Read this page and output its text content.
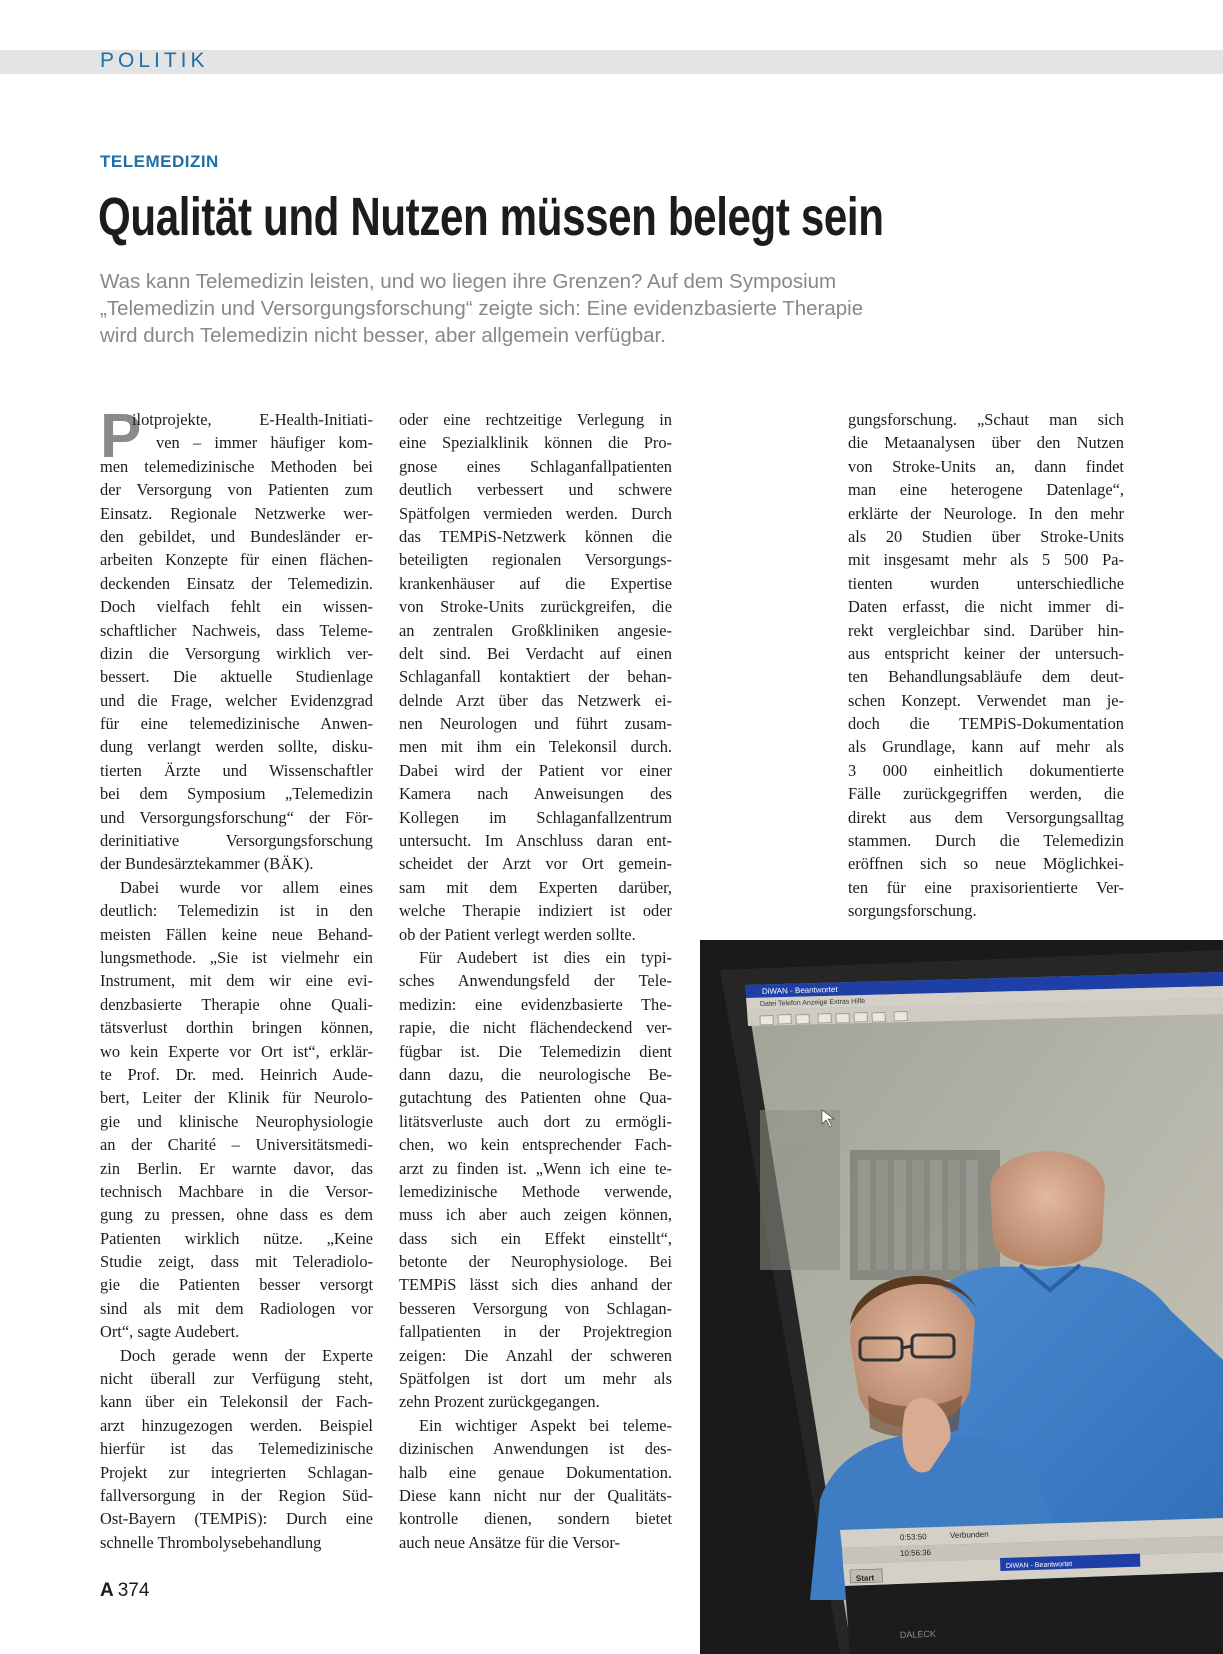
POLITIK
TELEMEDIZIN
Qualität und Nutzen müssen belegt sein
Was kann Telemedizin leisten, und wo liegen ihre Grenzen? Auf dem Symposium
„Telemedizin und Versorgungsforschung“ zeigte sich: Eine evidenzbasierte Therapie
wird durch Telemedizin nicht besser, aber allgemein verfügbar.
P
ilotprojekte, E-Health-Initiati-
ven – immer häufiger kom-
men telemedizinische Methoden bei
der Versorgung von Patienten zum
Einsatz. Regionale Netzwerke wer-
den gebildet, und Bundesländer er-
arbeiten Konzepte für einen flächen-
deckenden Einsatz der Telemedizin.
Doch vielfach fehlt ein wissen-
schaftlicher Nachweis, dass Teleme-
dizin die Versorgung wirklich ver-
bessert. Die aktuelle Studienlage
und die Frage, welcher Evidenzgrad
für eine telemedizinische Anwen-
dung verlangt werden sollte, disku-
tierten Ärzte und Wissenschaftler
bei dem Symposium „Telemedizin
und Versorgungsforschung“ der För-
derinitiative Versorgungsforschung
der Bundesärztekammer (BÄK).
Dabei wurde vor allem eines
deutlich: Telemedizin ist in den
meisten Fällen keine neue Behand-
lungsmethode. „Sie ist vielmehr ein
Instrument, mit dem wir eine evi-
denzbasierte Therapie ohne Quali-
tätsverlust dorthin bringen können,
wo kein Experte vor Ort ist“, erklär-
te Prof. Dr. med. Heinrich Aude-
bert, Leiter der Klinik für Neurolo-
gie und klinische Neurophysiologie
an der Charité – Universitätsmedi-
zin Berlin. Er warnte davor, das
technisch Machbare in die Versor-
gung zu pressen, ohne dass es dem
Patienten wirklich nütze. „Keine
Studie zeigt, dass mit Teleradiolo-
gie die Patienten besser versorgt
sind als mit dem Radiologen vor
Ort“, sagte Audebert.
Doch gerade wenn der Experte
nicht überall zur Verfügung steht,
kann über ein Telekonsil der Fach-
arzt hinzugezogen werden. Beispiel
hierfür ist das Telemedizinische
Projekt zur integrierten Schlagan-
fallversorgung in der Region Süd-
Ost-Bayern (TEMPiS): Durch eine
schnelle Thrombolysebehandlung
oder eine rechtzeitige Verlegung in
eine Spezialklinik können die Pro-
gnose eines Schlaganfallpatienten
deutlich verbessert und schwere
Spätfolgen vermieden werden. Durch
das TEMPiS-Netzwerk können die
beteiligten regionalen Versorgungs-
krankenhäuser auf die Expertise
von Stroke-Units zurückgreifen, die
an zentralen Großkliniken angesie-
delt sind. Bei Verdacht auf einen
Schlaganfall kontaktiert der behan-
delnde Arzt über das Netzwerk ei-
nen Neurologen und führt zusam-
men mit ihm ein Telekonsil durch.
Dabei wird der Patient vor einer
Kamera nach Anweisungen des
Kollegen im Schlaganfallzentrum
untersucht. Im Anschluss daran ent-
scheidet der Arzt vor Ort gemein-
sam mit dem Experten darüber,
welche Therapie indiziert ist oder
ob der Patient verlegt werden sollte.
Für Audebert ist dies ein typi-
sches Anwendungsfeld der Tele-
medizin: eine evidenzbasierte The-
rapie, die nicht flächendeckend ver-
fügbar ist. Die Telemedizin dient
dann dazu, die neurologische Be-
gutachtung des Patienten ohne Qua-
litätsverluste auch dort zu ermögli-
chen, wo kein entsprechender Fach-
arzt zu finden ist. „Wenn ich eine te-
lemedizinische Methode verwende,
muss ich aber auch zeigen können,
dass sich ein Effekt einstellt“,
betonte der Neurophysiologe. Bei
TEMPiS lässt sich dies anhand der
besseren Versorgung von Schlagan-
fallpatienten in der Projektregion
zeigen: Die Anzahl der schweren
Spätfolgen ist dort um mehr als
zehn Prozent zurückgegangen.
Ein wichtiger Aspekt bei teleme-
dizinischen Anwendungen ist des-
halb eine genaue Dokumentation.
Diese kann nicht nur der Qualitäts-
kontrolle dienen, sondern bietet
auch neue Ansätze für die Versor-
gungsforschung. „Schaut man sich
die Metaanalysen über den Nutzen
von Stroke-Units an, dann findet
man eine heterogene Datenlage“,
erklärte der Neurologe. In den mehr
als 20 Studien über Stroke-Units
mit insgesamt mehr als 5 500 Pa-
tienten wurden unterschiedliche
Daten erfasst, die nicht immer di-
rekt vergleichbar sind. Darüber hin-
aus entspricht keiner der untersuch-
ten Behandlungsabläufe dem deut-
schen Konzept. Verwendet man je-
doch die TEMPiS-Dokumentation
als Grundlage, kann auf mehr als
3 000 einheitlich dokumentierte
Fälle zurückgegriffen werden, die
direkt aus dem Versorgungsalltag
stammen. Durch die Telemedizin
eröffnen sich so neue Möglichkei-
ten für eine praxisorientierte Ver-
sorgungsforschung.
DiWAN - Beantwortet
Datei Telefon Anzeige Extras Hilfe
0:53:50	Verbunden
10:56:36
Start
DiWAN - Beantwortet
DALECK
A 374
